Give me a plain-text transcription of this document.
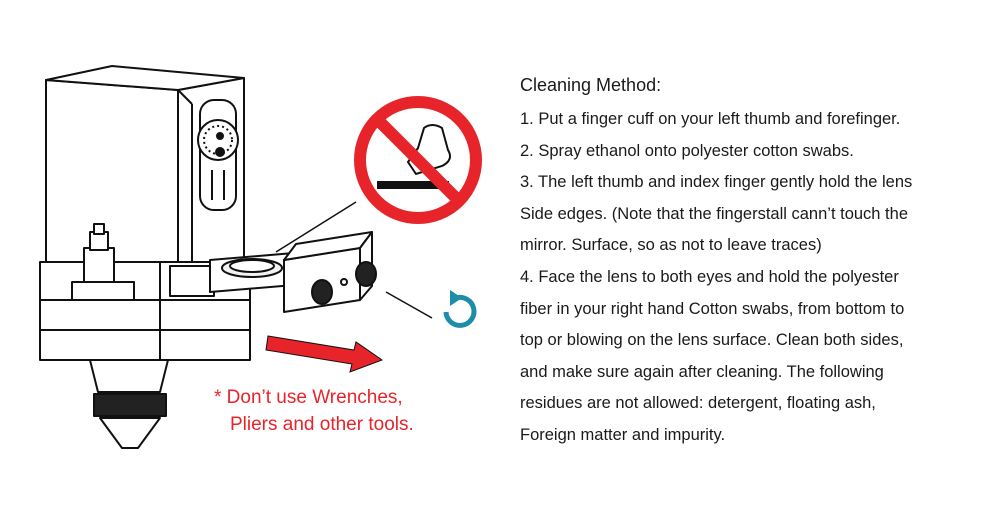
* Don’t use Wrenches,
Pliers and other tools.
Cleaning Method:
1. Put a finger cuff on your left thumb and forefinger.
2. Spray ethanol onto polyester cotton swabs.
3. The left thumb and index finger gently hold the lens
Side edges. (Note that the fingerstall cann’t touch the
mirror. Surface, so as not to leave traces)
4. Face the lens to both eyes and hold the polyester
fiber in your right hand Cotton swabs, from bottom to
top or blowing on the lens surface. Clean both sides,
and make sure again after cleaning. The following
residues are not allowed: detergent, floating ash,
Foreign matter and impurity.
